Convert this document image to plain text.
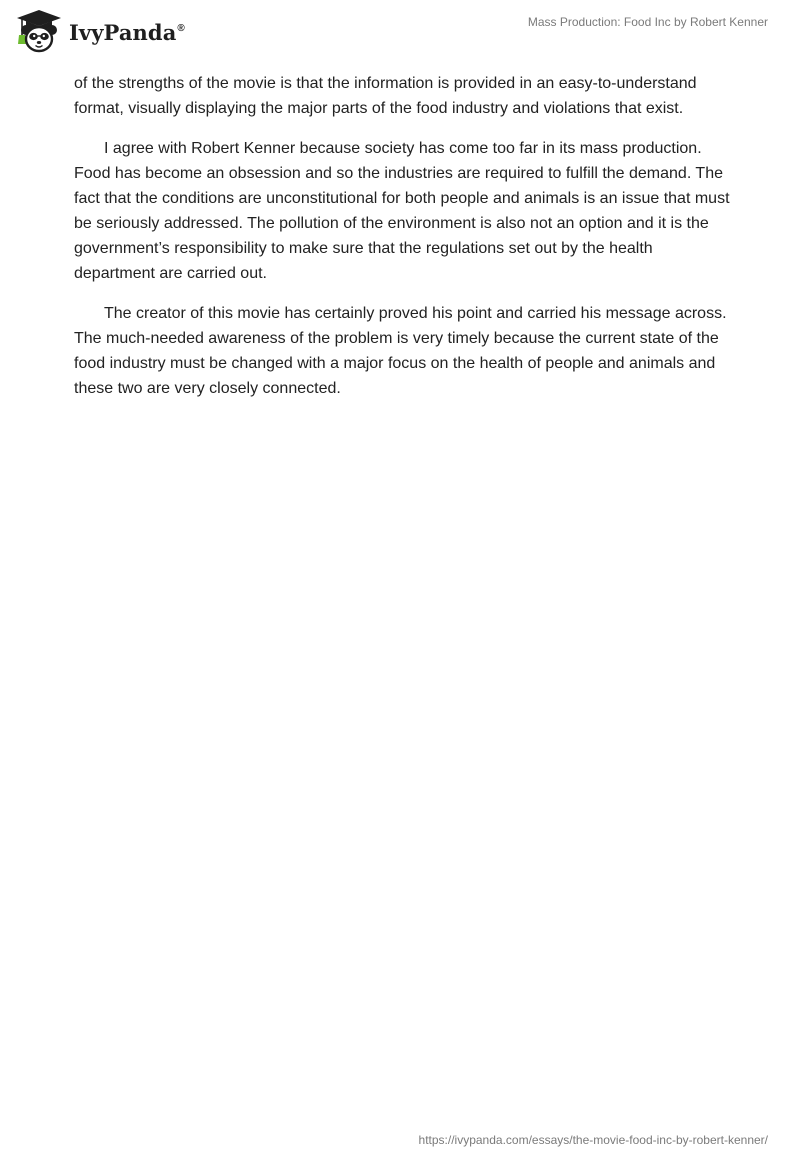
IvyPanda®	Mass Production: Food Inc by Robert Kenner

of the strengths of the movie is that the information is provided in an easy-to-understand format, visually displaying the major parts of the food industry and violations that exist.

I agree with Robert Kenner because society has come too far in its mass production. Food has become an obsession and so the industries are required to fulfill the demand. The fact that the conditions are unconstitutional for both people and animals is an issue that must be seriously addressed. The pollution of the environment is also not an option and it is the government’s responsibility to make sure that the regulations set out by the health department are carried out.

The creator of this movie has certainly proved his point and carried his message across. The much-needed awareness of the problem is very timely because the current state of the food industry must be changed with a major focus on the health of people and animals and these two are very closely connected.

https://ivypanda.com/essays/the-movie-food-inc-by-robert-kenner/
